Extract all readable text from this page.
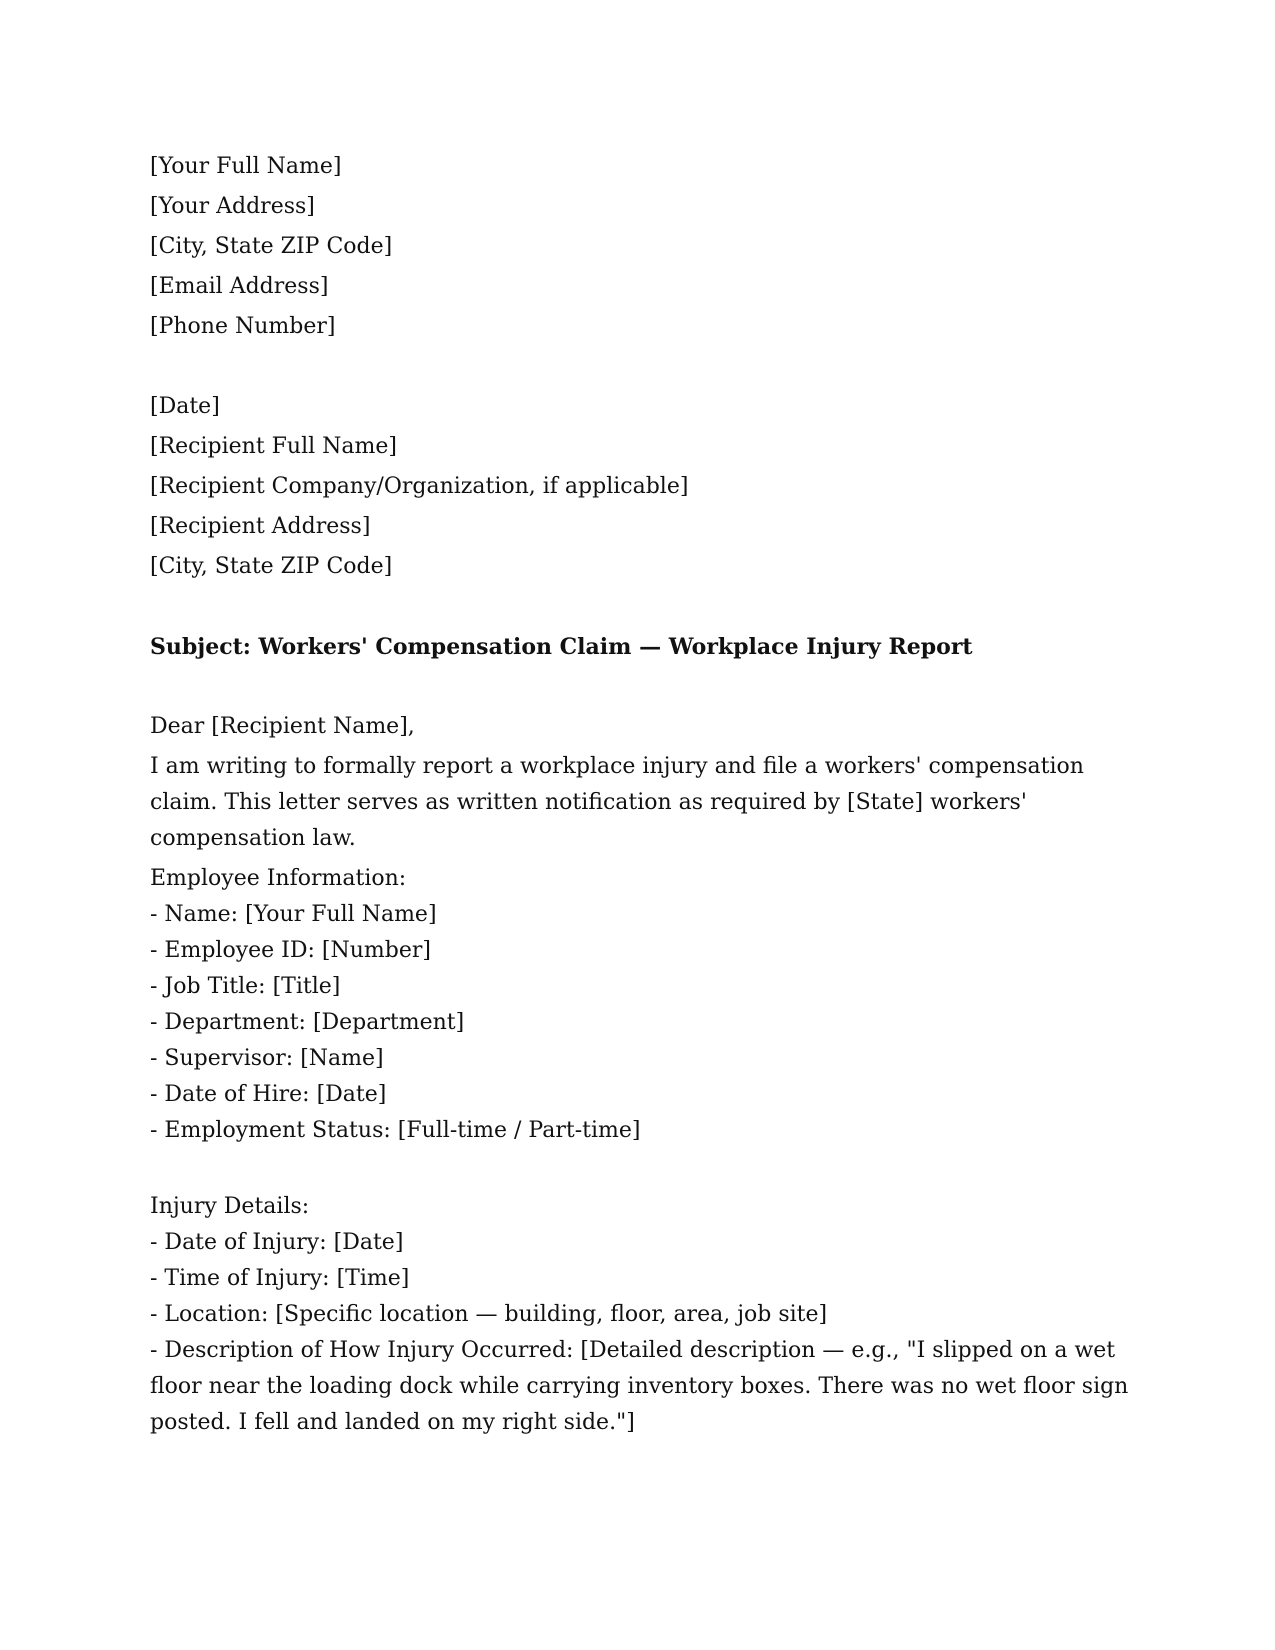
[Your Full Name]
[Your Address]
[City, State ZIP Code]
[Email Address]
[Phone Number]
[Date]
[Recipient Full Name]
[Recipient Company/Organization, if applicable]
[Recipient Address]
[City, State ZIP Code]
Subject: Workers' Compensation Claim — Workplace Injury Report
Dear [Recipient Name],
I am writing to formally report a workplace injury and file a workers' compensation claim. This letter serves as written notification as required by [State] workers' compensation law.
Employee Information:
- Name: [Your Full Name]
- Employee ID: [Number]
- Job Title: [Title]
- Department: [Department]
- Supervisor: [Name]
- Date of Hire: [Date]
- Employment Status: [Full-time / Part-time]
Injury Details:
- Date of Injury: [Date]
- Time of Injury: [Time]
- Location: [Specific location — building, floor, area, job site]
- Description of How Injury Occurred: [Detailed description — e.g., "I slipped on a wet floor near the loading dock while carrying inventory boxes. There was no wet floor sign posted. I fell and landed on my right side."]
